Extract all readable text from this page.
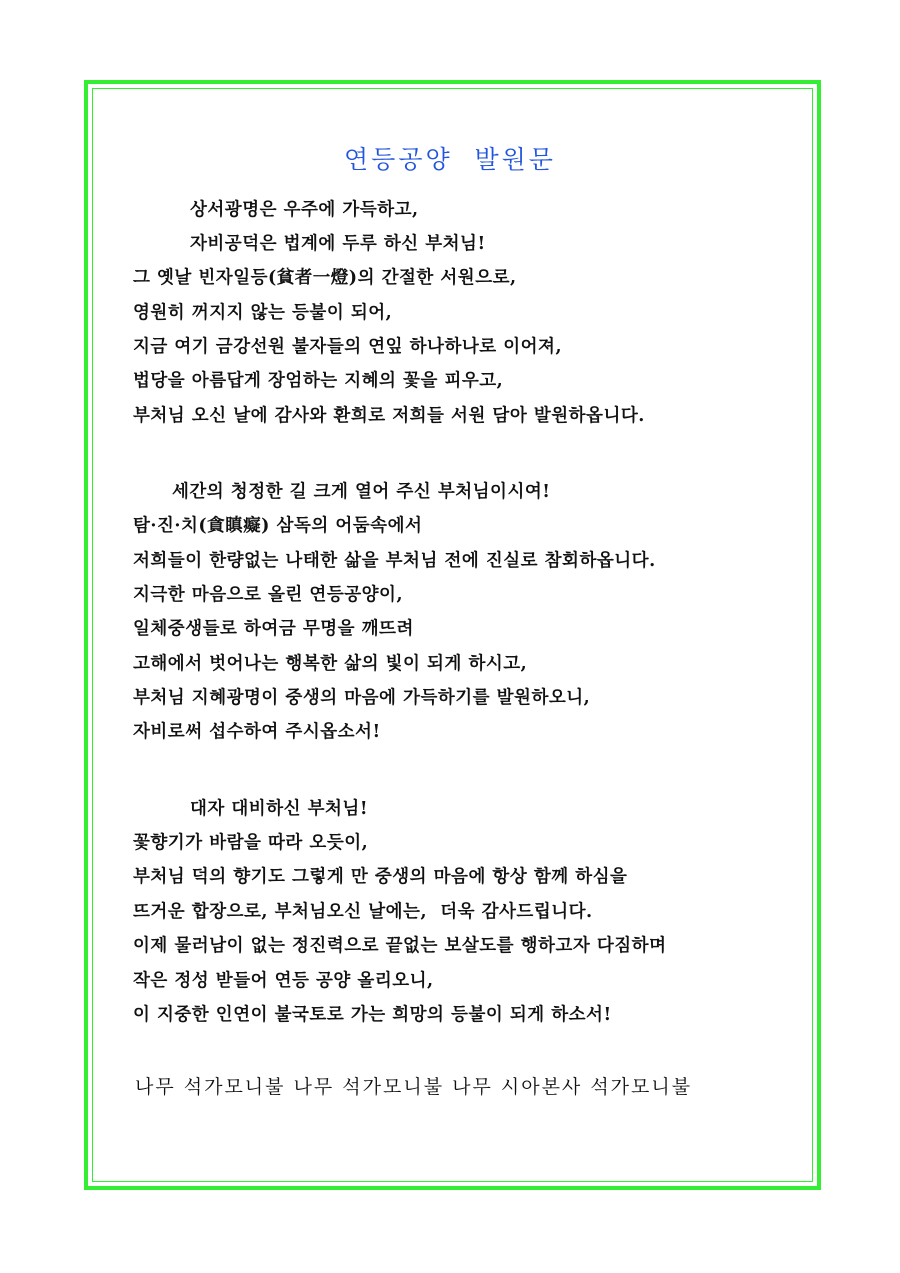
연등공양  발원문
상서광명은 우주에 가득하고,
자비공덕은 법계에 두루 하신 부처님!
그 옛날 빈자일등(貧者一燈)의 간절한 서원으로,
영원히 꺼지지 않는 등불이 되어,
지금 여기 금강선원 불자들의 연잎 하나하나로 이어져,
법당을 아름답게 장엄하는 지혜의 꽃을 피우고,
부처님 오신 날에 감사와 환희로 저희들 서원 담아 발원하옵니다.
세간의 청정한 길 크게 열어 주신 부처님이시여!
탐·진·치(貪瞋癡) 삼독의 어둠속에서
저희들이 한량없는 나태한 삶을 부처님 전에 진실로 참회하옵니다.
지극한 마음으로 올린 연등공양이,
일체중생들로 하여금 무명을 깨뜨려
고해에서 벗어나는 행복한 삶의 빛이 되게 하시고,
부처님 지혜광명이 중생의 마음에 가득하기를 발원하오니,
자비로써 섭수하여 주시옵소서!
대자 대비하신 부처님!
꽃향기가 바람을 따라 오듯이,
부처님 덕의 향기도 그렇게 만 중생의 마음에 항상 함께 하심을
뜨거운 합장으로, 부처님오신 날에는,  더욱 감사드립니다.
이제 물러남이 없는 정진력으로 끝없는 보살도를 행하고자 다짐하며
작은 정성 받들어 연등 공양 올리오니,
이 지중한 인연이 불국토로 가는 희망의 등불이 되게 하소서!
나무 석가모니불 나무 석가모니불 나무 시아본사 석가모니불
